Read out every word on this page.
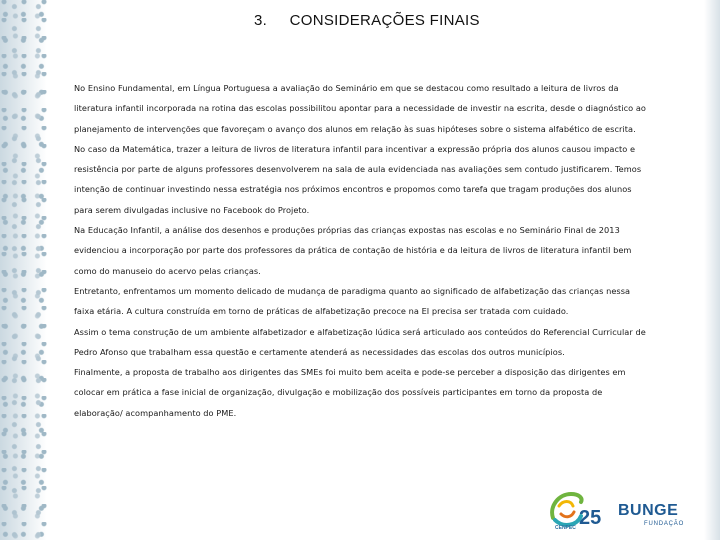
3. CONSIDERAÇÕES FINAIS

No Ensino Fundamental, em Língua Portuguesa a avaliação do Seminário em que se destacou como resultado a leitura de livros da

literatura infantil incorporada na rotina das escolas possibilitou apontar para a necessidade de investir na escrita, desde o diagnóstico ao

planejamento de intervenções que favoreçam o avanço dos alunos em relação às suas hipóteses sobre o sistema alfabético de escrita.

No caso da Matemática, trazer a leitura de livros de literatura infantil para incentivar a expressão própria dos alunos causou impacto e

resistência por parte de alguns professores desenvolverem na sala de aula evidenciada nas avaliações sem contudo justificarem. Temos

intenção de continuar investindo nessa estratégia nos próximos encontros e propomos como tarefa que tragam produções dos alunos

para serem divulgadas inclusive no Facebook do Projeto.

Na Educação Infantil, a análise dos desenhos e produções próprias das crianças expostas nas escolas e no Seminário Final de 2013

evidenciou a incorporação por parte dos professores da prática de contação de história e da leitura de livros de literatura infantil bem

como do manuseio do acervo pelas crianças.

Entretanto, enfrentamos um momento delicado de mudança de paradigma quanto ao significado de alfabetização das crianças nessa

faixa etária. A cultura construída em torno de práticas de alfabetização precoce na EI precisa ser tratada com cuidado.

Assim o tema construção de um ambiente alfabetizador e alfabetização lúdica será articulado aos conteúdos do Referencial Curricular de

Pedro Afonso que trabalham essa questão e certamente atenderá as necessidades das escolas dos outros municípios.

Finalmente, a proposta de trabalho aos dirigentes das SMEs foi muito bem aceita e pode-se perceber a disposição das dirigentes em

colocar em prática a fase inicial de organização, divulgação e mobilização dos possíveis participantes em torno da proposta de

elaboração/ acompanhamento do PME.

25
CENPEC
BUNGE
FUNDAÇÃO
